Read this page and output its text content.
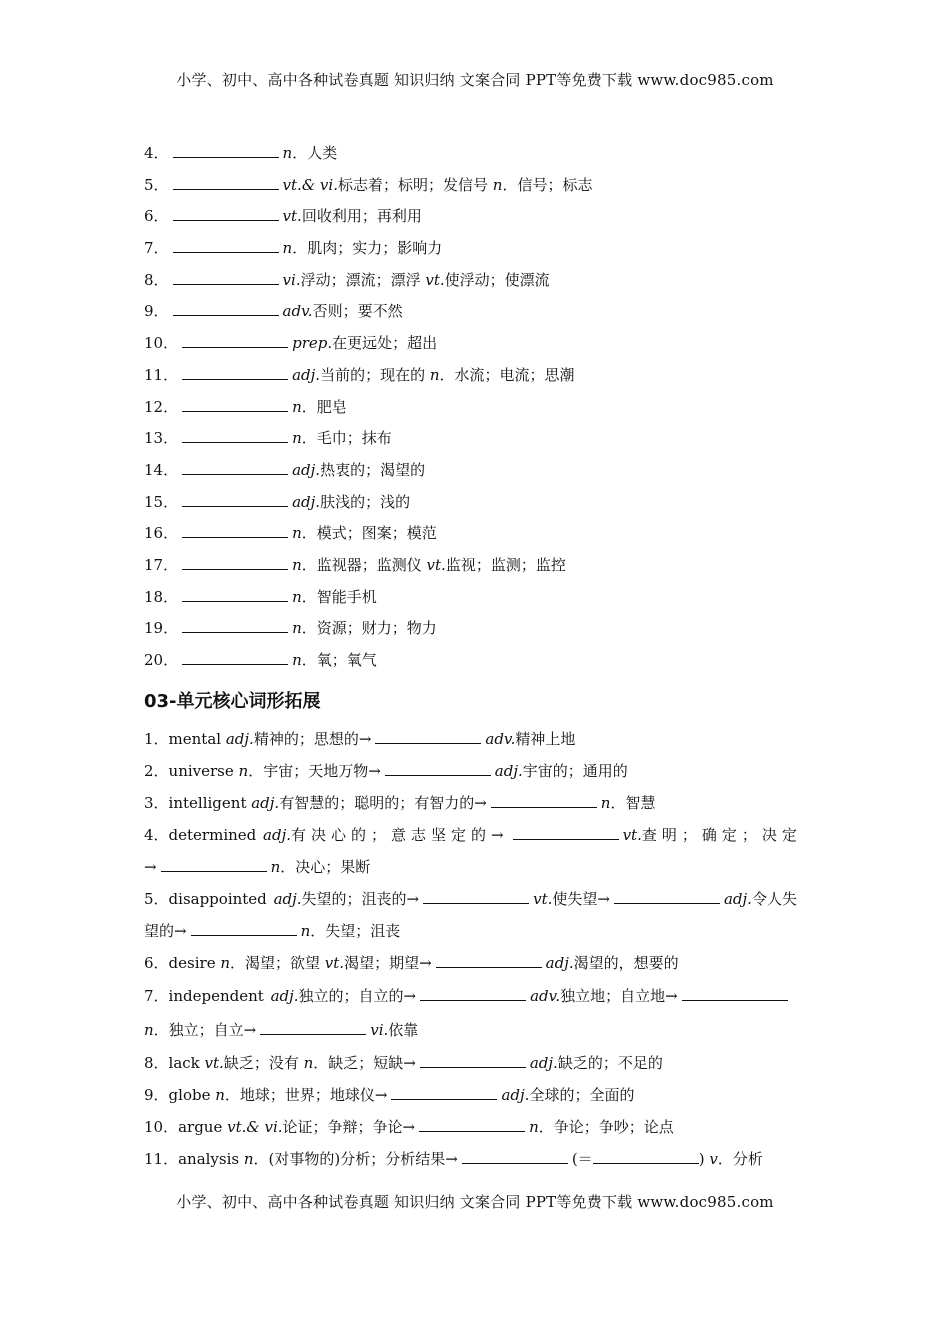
小学、初中、高中各种试卷真题 知识归纳 文案合同 PPT等免费下载 www.doc985.com
4．	n．人类
5．	vt.& vi.标志着；标明；发信号 n．信号；标志
6．	vt.回收利用；再利用
7．	n．肌肉；实力；影响力
8．	vi.浮动；漂流；漂浮 vt.使浮动；使漂流
9．	adv.否则；要不然
10．	prep.在更远处；超出
11．	adj.当前的；现在的 n．水流；电流；思潮
12．	n．肥皂
13．	n．毛巾；抹布
14．	adj.热衷的；渴望的
15．	adj.肤浅的；浅的
16．	n．模式；图案；模范
17．	n．监视器；监测仪 vt.监视；监测；监控
18．	n．智能手机
19．	n．资源；财力；物力
20．	n．氧；氧气
03-单元核心词形拓展
1．mental adj.精神的；思想的→	adv.精神上地
2．universe n．宇宙；天地万物→	adj.宇宙的；通用的
3．intelligent adj.有智慧的；聪明的；有智力的→	n．智慧
4．determined adj.有决心的；意志坚定的→	vt.查明；确定；决定
→	n．决心；果断
5．disappointed adj.失望的；沮丧的→	vt.使失望→	adj.令人失
望的→	n．失望；沮丧
6．desire n．渴望；欲望 vt.渴望；期望→	adj.渴望的，想要的
7．independent adj.独立的；自立的→	adv.独立地；自立地→
n．独立；自立→	vi.依靠
8．lack vt.缺乏；没有 n．缺乏；短缺→	adj.缺乏的；不足的
9．globe n．地球；世界；地球仪→	adj.全球的；全面的
10．argue vt.& vi.论证；争辩；争论→	n．争论；争吵；论点
11．analysis n．(对事物的)分析；分析结果→	(＝	) v．分析
小学、初中、高中各种试卷真题 知识归纳 文案合同 PPT等免费下载 www.doc985.com
